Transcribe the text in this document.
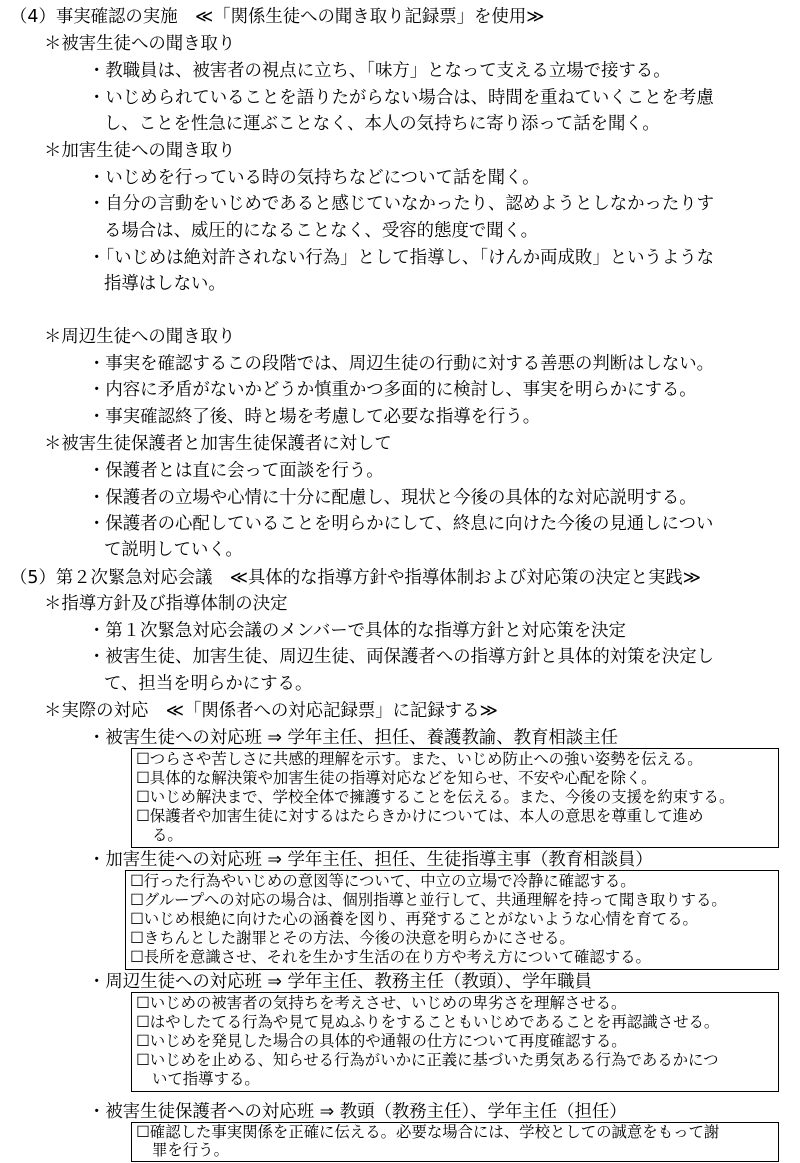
（4）事実確認の実施　≪「関係生徒への聞き取り記録票」を使用≫
＊被害生徒への聞き取り
・教職員は、被害者の視点に立ち、「味方」となって支える立場で接する。
・いじめられていることを語りたがらない場合は、時間を重ねていくことを考慮
し、ことを性急に運ぶことなく、本人の気持ちに寄り添って話を聞く。
＊加害生徒への聞き取り
・いじめを行っている時の気持ちなどについて話を聞く。
・自分の言動をいじめであると感じていなかったり、認めようとしなかったりす
る場合は、威圧的になることなく、受容的態度で聞く。
・「いじめは絶対許されない行為」として指導し、「けんか両成敗」というような
指導はしない。
＊周辺生徒への聞き取り
・事実を確認するこの段階では、周辺生徒の行動に対する善悪の判断はしない。
・内容に矛盾がないかどうか慎重かつ多面的に検討し、事実を明らかにする。
・事実確認終了後、時と場を考慮して必要な指導を行う。
＊被害生徒保護者と加害生徒保護者に対して
・保護者とは直に会って面談を行う。
・保護者の立場や心情に十分に配慮し、現状と今後の具体的な対応説明する。
・保護者の心配していることを明らかにして、終息に向けた今後の見通しについ
て説明していく。
（5）第２次緊急対応会議　≪具体的な指導方針や指導体制および対応策の決定と実践≫
＊指導方針及び指導体制の決定
・第１次緊急対応会議のメンバーで具体的な指導方針と対応策を決定
・被害生徒、加害生徒、周辺生徒、両保護者への指導方針と具体的対策を決定し
て、担当を明らかにする。
＊実際の対応　≪「関係者への対応記録票」に記録する≫
・被害生徒への対応班 ⇒ 学年主任、担任、養護教諭、教育相談主任
☐つらさや苦しさに共感的理解を示す。また、いじめ防止への強い姿勢を伝える。
☐具体的な解決策や加害生徒の指導対応などを知らせ、不安や心配を除く。
☐いじめ解決まで、学校全体で擁護することを伝える。また、今後の支援を約束する。
☐保護者や加害生徒に対するはたらきかけについては、本人の意思を尊重して進め
る。
・加害生徒への対応班 ⇒ 学年主任、担任、生徒指導主事（教育相談員）
☐行った行為やいじめの意図等について、中立の立場で冷静に確認する。
☐グループへの対応の場合は、個別指導と並行して、共通理解を持って聞き取りする。
☐いじめ根絶に向けた心の涵養を図り、再発することがないような心情を育てる。
☐きちんとした謝罪とその方法、今後の決意を明らかにさせる。
☐長所を意識させ、それを生かす生活の在り方や考え方について確認する。
・周辺生徒への対応班 ⇒ 学年主任、教務主任（教頭）、学年職員
☐いじめの被害者の気持ちを考えさせ、いじめの卑劣さを理解させる。
☐はやしたてる行為や見て見ぬふりをすることもいじめであることを再認識させる。
☐いじめを発見した場合の具体的や通報の仕方について再度確認する。
☐いじめを止める、知らせる行為がいかに正義に基づいた勇気ある行為であるかにつ
いて指導する。
・被害生徒保護者への対応班 ⇒ 教頭（教務主任）、学年主任（担任）
☐確認した事実関係を正確に伝える。必要な場合には、学校としての誠意をもって謝
罪を行う。
